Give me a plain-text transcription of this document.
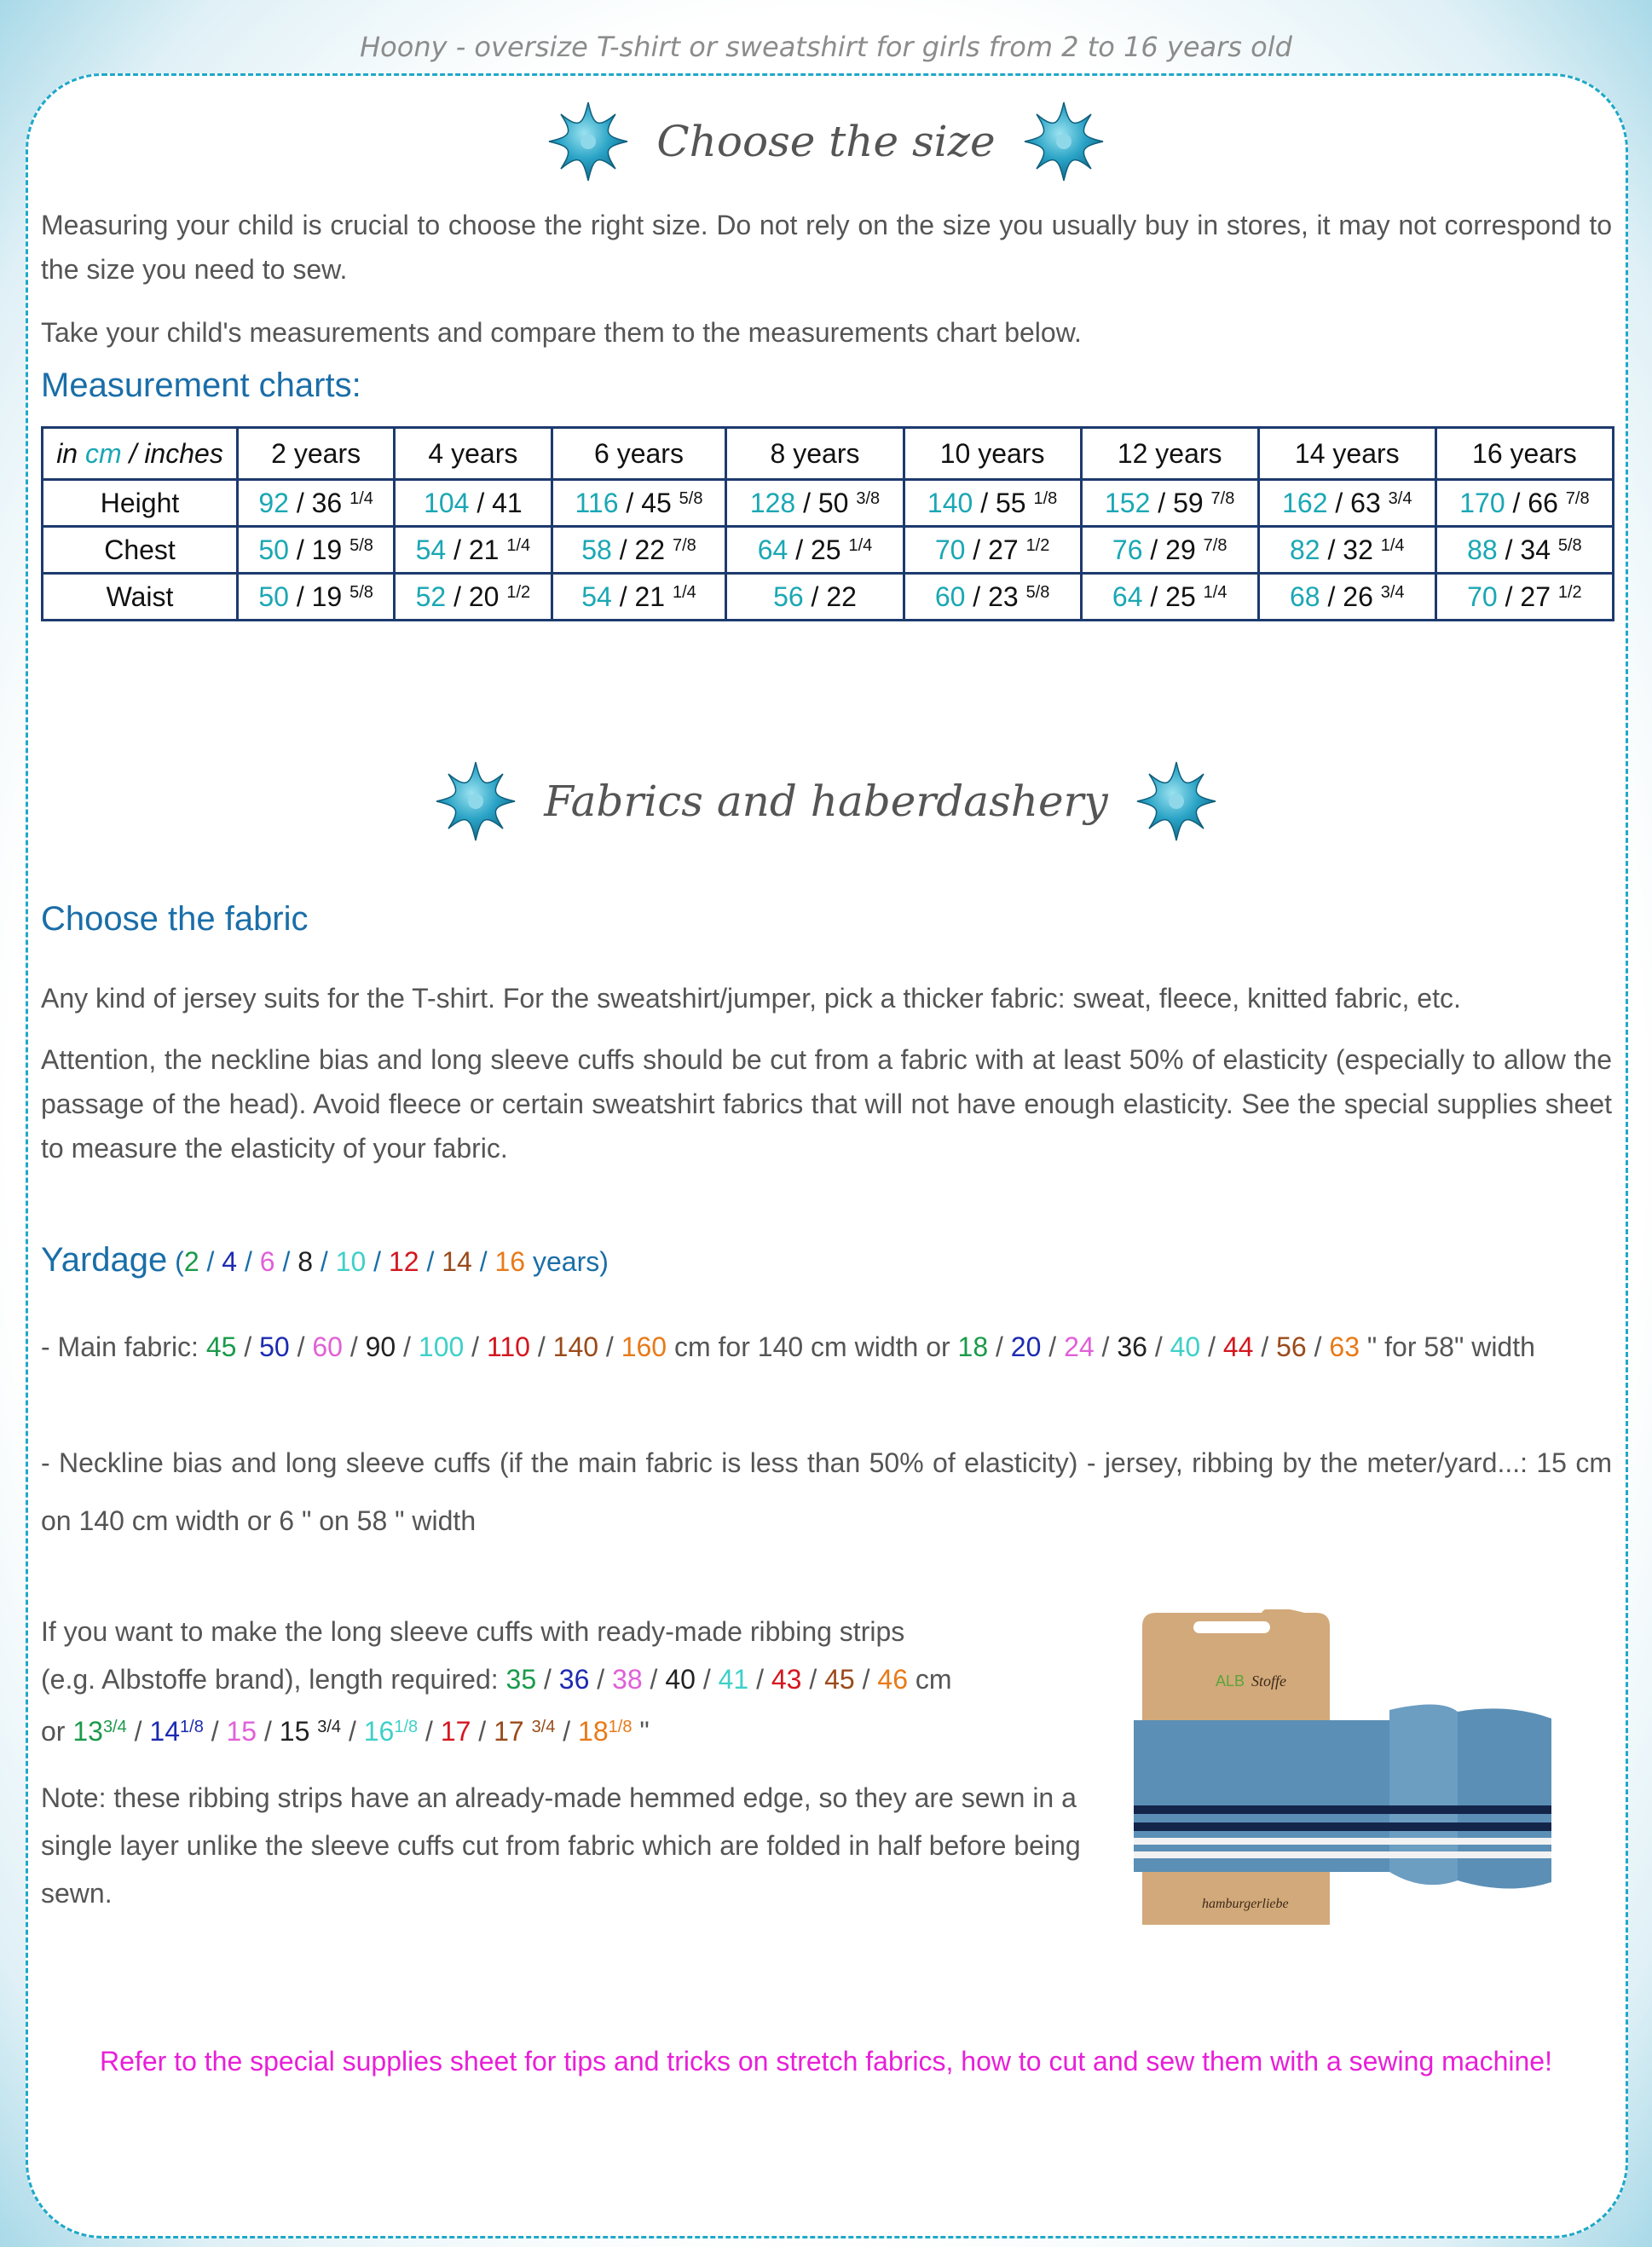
Hoony - oversize T-shirt or sweatshirt for girls from 2 to 16 years old
Choose the size

Measuring your child is crucial to choose the right size. Do not rely on the size you usually buy in stores, it may not correspond to the size you need to sew.

Take your child's measurements and compare them to the measurements chart below.

Measurement charts:
in cm / inches	2 years	4 years	6 years	8 years	10 years	12 years	14 years	16 years
Height	92 / 36 $^{1/4}$	104 / 41	116 / 45 $^{5/8}$	128 / 50 $^{3/8}$	140 / 55 $^{1/8}$	152 / 59 $^{7/8}$	162 / 63 $^{3/4}$	170 / 66 $^{7/8}$
Chest	50 / 19 $^{5/8}$	54 / 21 $^{1/4}$	58 / 22 $^{7/8}$	64 / 25 $^{1/4}$	70 / 27 $^{1/2}$	76 / 29 $^{7/8}$	82 / 32 $^{1/4}$	88 / 34 $^{5/8}$
Waist	50 / 19 $^{5/8}$	52 / 20 $^{1/2}$	54 / 21 $^{1/4}$	56 / 22	60 / 23 $^{5/8}$	64 / 25 $^{1/4}$	68 / 26 $^{3/4}$	70 / 27 $^{1/2}$
Fabrics and haberdashery
Choose the fabric

Any kind of jersey suits for the T-shirt. For the sweatshirt/jumper, pick a thicker fabric: sweat, fleece, knitted fabric, etc.

Attention, the neckline bias and long sleeve cuffs should be cut from a fabric with at least 50% of elasticity (especially to allow the passage of the head). Avoid fleece or certain sweatshirt fabrics that will not have enough elasticity. See the special supplies sheet to measure the elasticity of your fabric.

Yardage (2 / 4 / 6 / 8 / 10 / 12 / 14 / 16 years)

- Main fabric: 45 / 50 / 60 / 90 / 100 / 110 / 140 / 160 cm for 140 cm width or 18 / 20 / 24 / 36 / 40 / 44 / 56 / 63 " for 58" width

- Neckline bias and long sleeve cuffs (if the main fabric is less than 50% of elasticity) - jersey, ribbing by the meter/yard...: 15 cm on 140 cm width or 6 " on 58 " width

If you want to make the long sleeve cuffs with ready-made ribbing strips
(e.g. Albstoffe brand), length required: 35 / 36 / 38 / 40 / 41 / 43 / 45 / 46 cm
or $13^{3/4} / 14^{1/8} / 15 / 15$ $^{3/4} / 16^{1/8} / 17 / 17$ $^{3/4} / 18^{1/8}$ "
Note: these ribbing strips have an already-made hemmed edge, so they are sewn in a single layer unlike the sleeve cuffs cut from fabric which are folded in half before being sewn.
ALB Stoffe
hamburgerliebe
Refer to the special supplies sheet for tips and tricks on stretch fabrics, how to cut and sew them with a sewing machine!
